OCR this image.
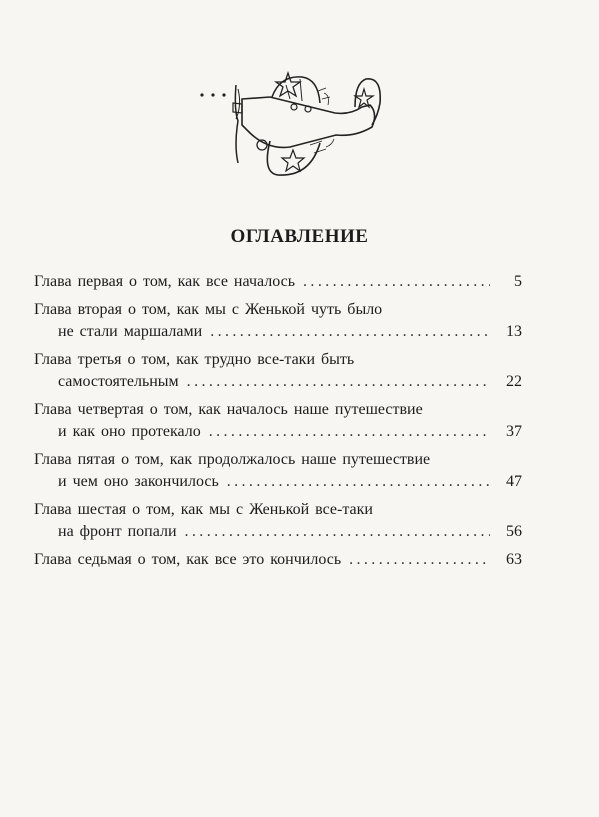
ОГЛАВЛЕНИЕ
Глава первая о том, как все началось . . .	5
Глава вторая о том, как мы с Женькой чуть было
не стали маршалами . . .	13
Глава третья о том, как трудно все-таки быть
самостоятельным . . .	22
Глава четвертая о том, как началось наше путешествие
и как оно протекало . . .	37
Глава пятая о том, как продолжалось наше путешествие
и чем оно закончилось . . .	47
Глава шестая о том, как мы с Женькой все-таки
на фронт попали . . .	56
Глава седьмая о том, как все это кончилось . . .	63
